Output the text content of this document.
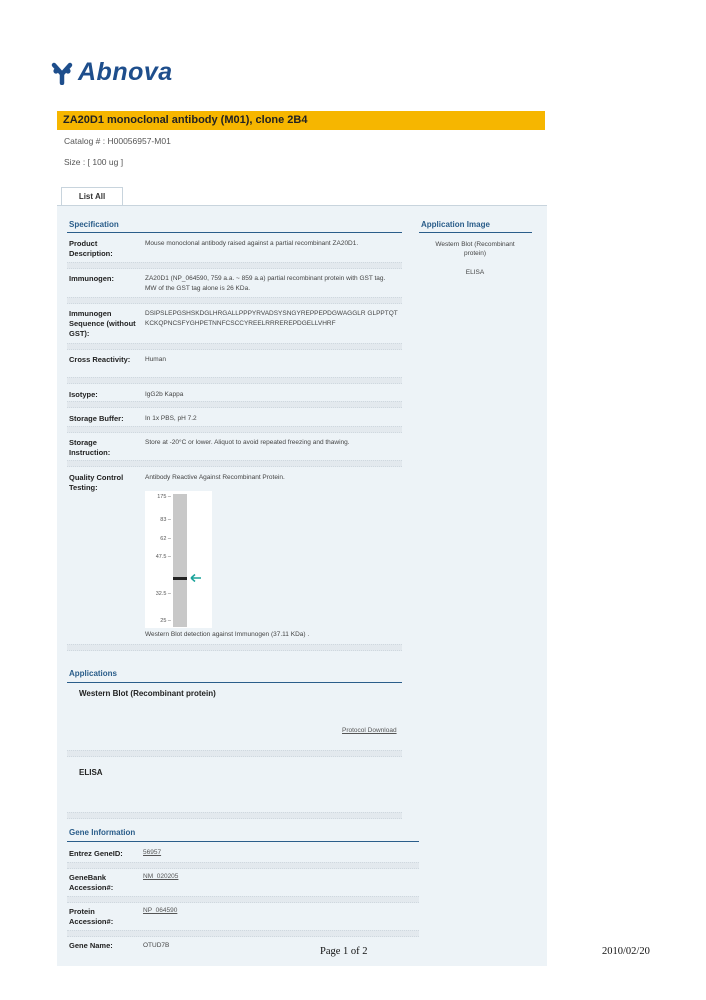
Abnova
ZA20D1 monoclonal antibody (M01), clone 2B4
Catalog # : H00056957-M01
Size : [ 100 ug ]
List All
Specification	Application Image
Western Blot (Recombinant protein)
ELISA
Product Description:
Mouse monoclonal antibody raised against a partial recombinant ZA20D1.
Immunogen:	ZA20D1 (NP_064590, 759 a.a. ~ 859 a.a) partial recombinant protein with GST tag. MW of the GST tag alone is 26 KDa.
Immunogen Sequence (without GST):
DSIPSLEPGSHSKDGLHRGALLPPPYRVADSYSNGYREPPEPDGWAGGLR GLPPTQTKCKQPNCSFYGHPETNNFCSCCYREELRRREREPDGELLVHRF
Cross Reactivity:	Human
Isotype:	IgG2b Kappa
Storage Buffer:	In 1x PBS, pH 7.2
Storage Instruction:
Store at -20°C or lower. Aliquot to avoid repeated freezing and thawing.
Quality Control Testing:
Antibody Reactive Against Recombinant Protein.
175 –
83 –
62 –
47.5 –
32.5 –
25 –
Western Blot detection against Immunogen (37.11 KDa) .
Applications
Western Blot (Recombinant protein)
Protocol Download
ELISA
Gene Information
Entrez GeneID:	56957
GeneBank Accession#:
NM_020205
Protein Accession#:
NP_064590
Gene Name:	OTUD7B
Page 1 of 2	2010/02/20
